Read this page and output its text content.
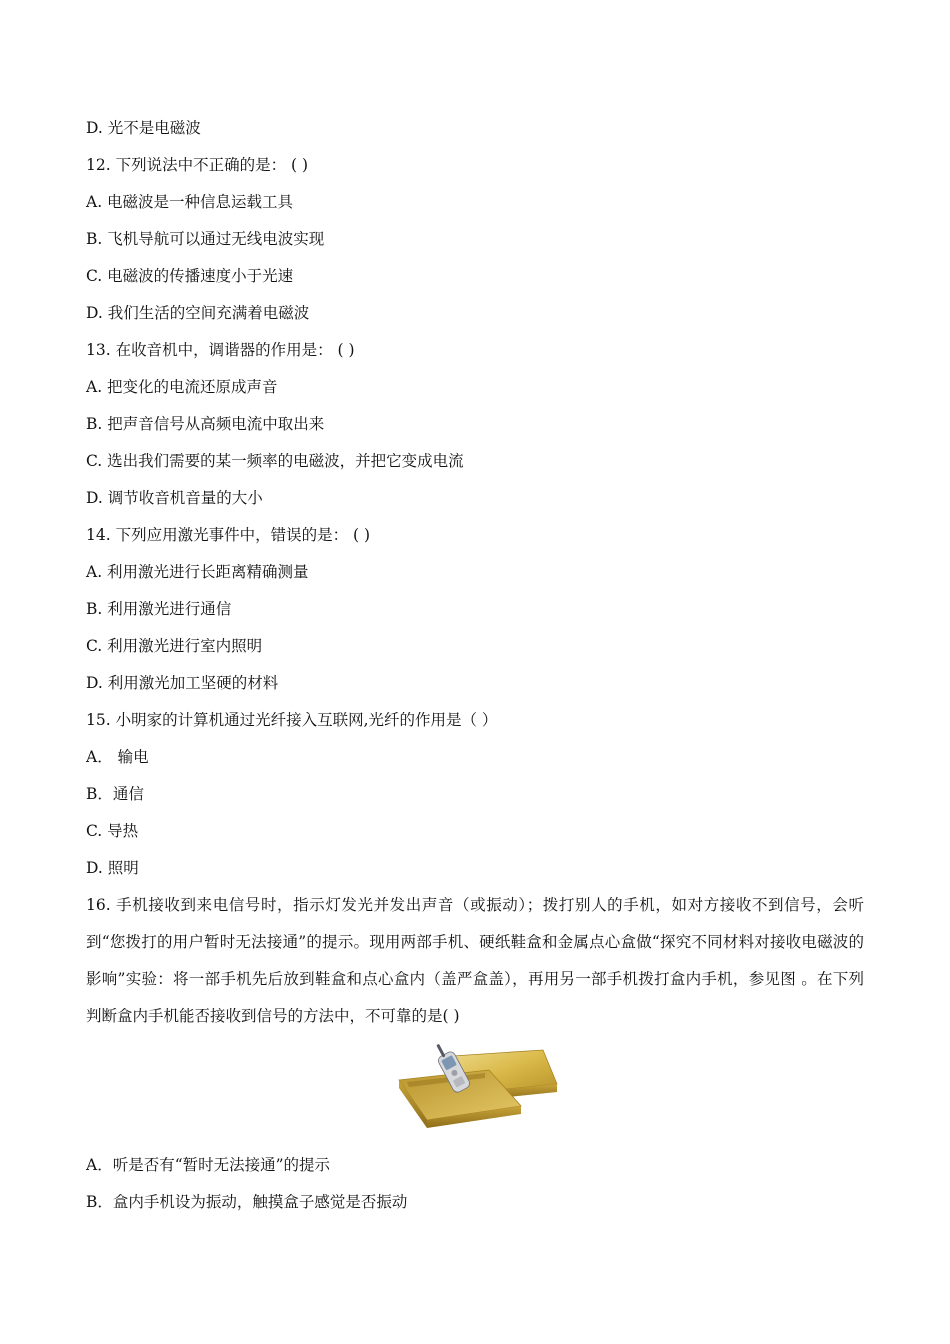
D. 光不是电磁波
12. 下列说法中不正确的是： ( )
A. 电磁波是一种信息运载工具
B. 飞机导航可以通过无线电波实现
C. 电磁波的传播速度小于光速
D. 我们生活的空间充满着电磁波
13. 在收音机中，调谐器的作用是： ( )
A. 把变化的电流还原成声音
B. 把声音信号从高频电流中取出来
C. 选出我们需要的某一频率的电磁波，并把它变成电流
D. 调节收音机音量的大小
14. 下列应用激光事件中，错误的是： ( )
A. 利用激光进行长距离精确测量
B. 利用激光进行通信
C. 利用激光进行室内照明
D. 利用激光加工坚硬的材料
15. 小明家的计算机通过光纤接入互联网,光纤的作用是（ ）
A． 输电
B．通信
C. 导热
D. 照明
16. 手机接收到来电信号时，指示灯发光并发出声音（或振动）；拨打别人的手机，如对方接收不到信号，会听到“您拨打的用户暂时无法接通”的提示。现用两部手机、硬纸鞋盒和金属点心盒做“探究不同材料对接收电磁波的影响”实验：将一部手机先后放到鞋盒和点心盒内（盖严盒盖），再用另一部手机拨打盒内手机，参见图 。在下列判断盒内手机能否接收到信号的方法中，不可靠的是( )
A．听是否有“暂时无法接通”的提示
B．盒内手机设为振动，触摸盒子感觉是否振动
